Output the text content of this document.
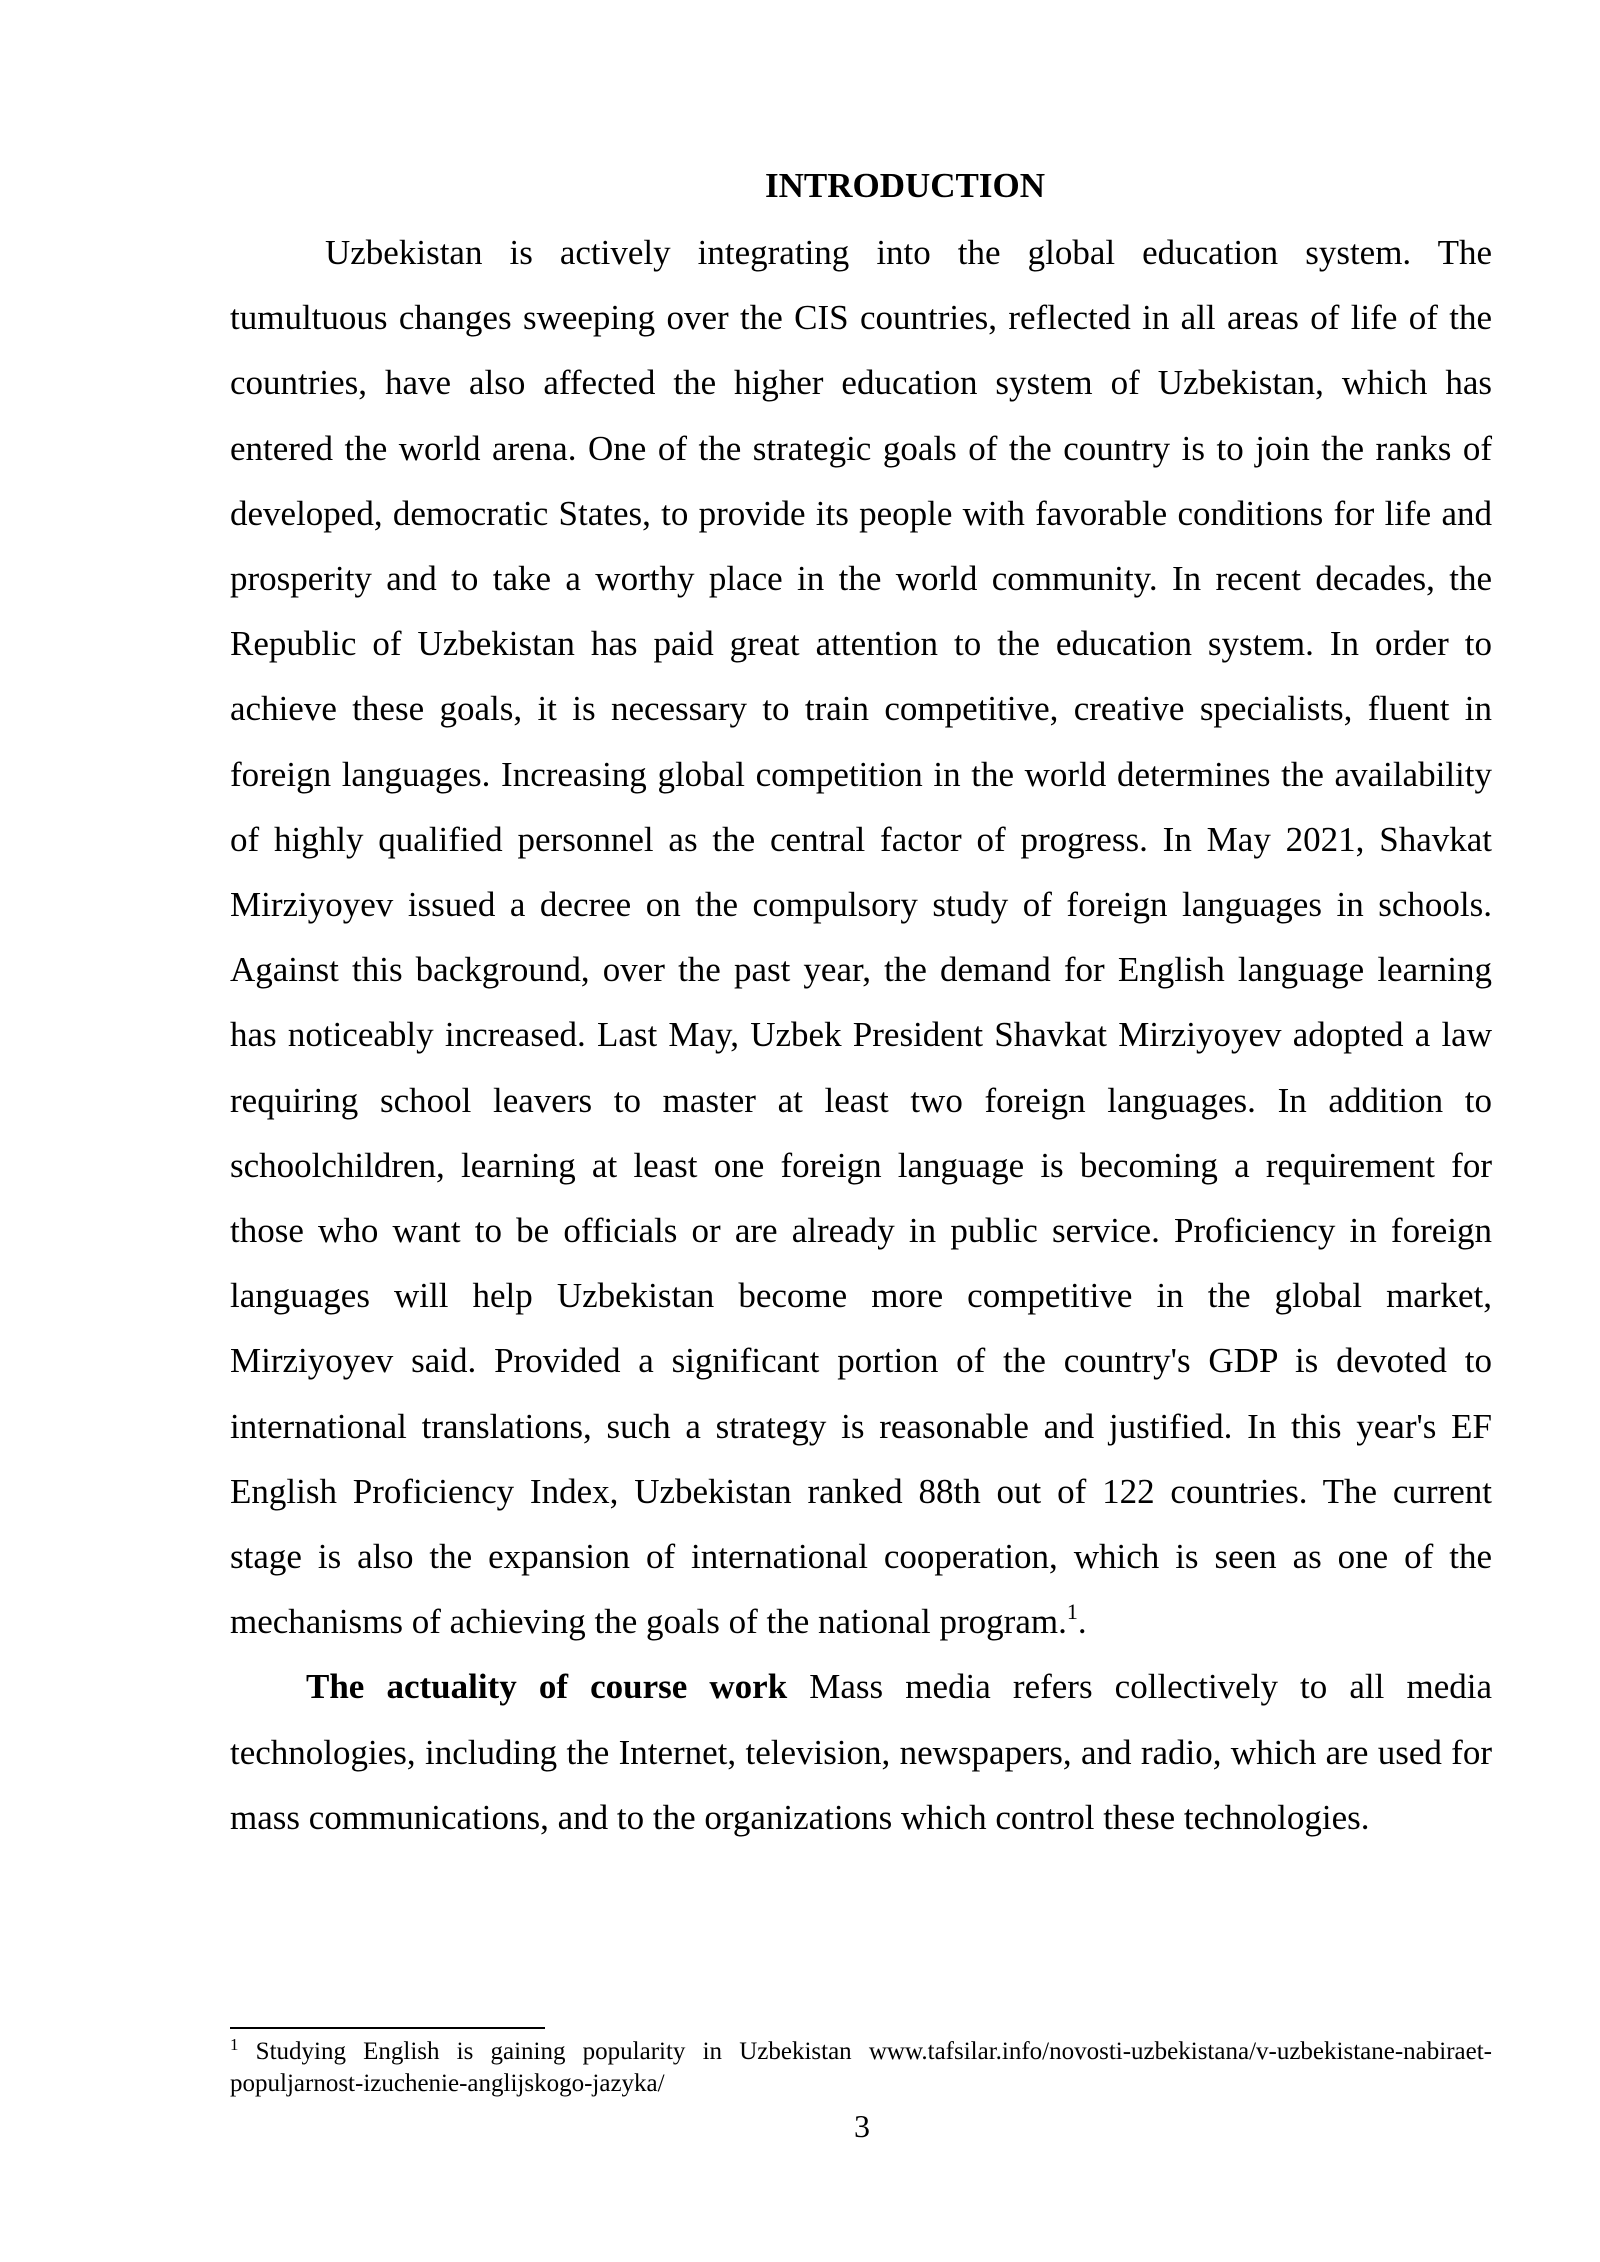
INTRODUCTION

Uzbekistan is actively integrating into the global education system. The tumultuous changes sweeping over the CIS countries, reflected in all areas of life of the countries, have also affected the higher education system of Uzbekistan, which has entered the world arena. One of the strategic goals of the country is to join the ranks of developed, democratic States, to provide its people with favorable conditions for life and prosperity and to take a worthy place in the world community. In recent decades, the Republic of Uzbekistan has paid great attention to the education system. In order to achieve these goals, it is necessary to train competitive, creative specialists, fluent in foreign languages. Increasing global competition in the world determines the availability of highly qualified personnel as the central factor of progress. In May 2021, Shavkat Mirziyoyev issued a decree on the compulsory study of foreign languages in schools. Against this background, over the past year, the demand for English language learning has noticeably increased. Last May, Uzbek President Shavkat Mirziyoyev adopted a law requiring school leavers to master at least two foreign languages. In addition to schoolchildren, learning at least one foreign language is becoming a requirement for those who want to be officials or are already in public service. Proficiency in foreign languages will help Uzbekistan become more competitive in the global market, Mirziyoyev said. Provided a significant portion of the country's GDP is devoted to international translations, such a strategy is reasonable and justified. In this year's EF English Proficiency Index, Uzbekistan ranked 88th out of 122 countries. The current stage is also the expansion of international cooperation, which is seen as one of the mechanisms of achieving the goals of the national program.$^1$.

The actuality of course work Mass media refers collectively to all media technologies, including the Internet, television, newspapers, and radio, which are used for mass communications, and to the organizations which control these technologies.

$^1$ Studying English is gaining popularity in Uzbekistan www.tafsilar.info/novosti-uzbekistana/v-uzbekistane-nabiraet-populjarnost-izuchenie-anglijskogo-jazyka/
3
